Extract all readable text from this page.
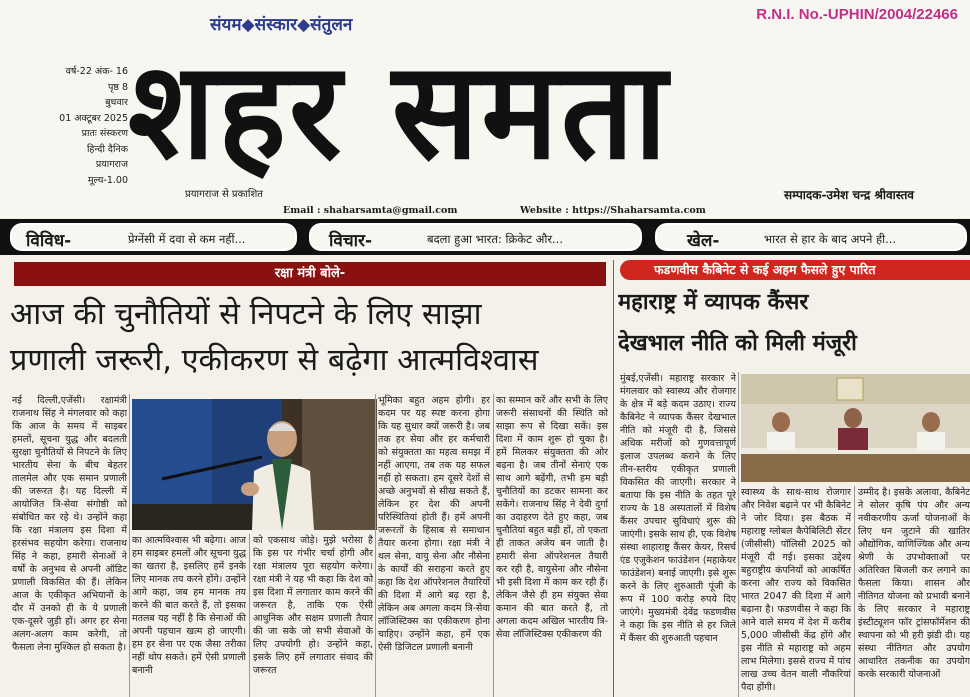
संयम◆संस्कार◆संतुलन
R.N.I. No.-UPHIN/2004/22466
वर्ष-22 अंक- 16
पृष्ठ 8
बुधवार
01 अक्टूबर 2025
प्रातः संस्करण
हिन्दी दैनिक
प्रयागराज
मूल्य-1.00 शहर समता
प्रयागराज से प्रकाशित	सम्पादक-उमेश चन्द्र श्रीवास्तव
Email : shaharsamta@gmail.com	Website : https://Shaharsamta.com
विविध-	प्रेग्नेंसी में दवा से कम नहीं...	विचार-	बदला हुआ भारत: क्रिकेट और...	खेल-	भारत से हार के बाद अपने ही...
रक्षा मंत्री बोले-
आज की चुनौतियों से निपटने के लिए साझा
प्रणाली जरूरी, एकीकरण से बढ़ेगा आत्मविश्वास
नई दिल्ली,एजेंसी। रक्षामंत्री राजनाथ सिंह ने मंगलवार को कहा कि आज के समय में साइबर हमलों, सूचना युद्ध और बदलती सुरक्षा चुनौतियों से निपटने के लिए भारतीय सेना के बीच बेहतर तालमेल और एक समान प्रणाली की जरूरत है। यह दिल्ली में आयोजित त्रि-सेवा संगोष्ठी को संबोधित कर रहे थे। उन्होंने कहा कि रक्षा मंत्रालय इस दिशा में हरसंभव सहयोग करेगा। राजनाथ सिंह ने कहा, हमारी सेनाओं ने वर्षों के अनुभव से अपनी ऑडिट प्रणाली विकसित की हैं। लेकिन आज के एकीकृत अभियानों के दौर में उनको ही के ये प्रणाली एक-दूसरे जुड़ी हों। अगर हर सेना अलग-अलग काम करेगी, तो फैसला लेना मुश्किल हो सकता है।
का आत्मविश्वास भी बढ़ेगा। आज हम साइबर हमलों और सूचना युद्ध का खतरा है, इसलिए हमें इनके लिए मानक तय करने होंगे। उन्होंने आगे कहा, जब हम मानक तय करने की बात करते हैं, तो इसका मतलब यह नहीं है कि सेनाओं की अपनी पहचान खत्म हो जाएगी। हम हर सेना पर एक जैसा तरीका नहीं थोप सकते। हमें ऐसी प्रणाली बनानी
को एकसाथ जोड़े। मुझे भरोसा है कि इस पर गंभीर चर्चा होगी और रक्षा मंत्रालय पूरा सहयोग करेगा। रक्षा मंत्री ने यह भी कहा कि देश को इस दिशा में लगातार काम करने की जरूरत है, ताकि एक ऐसी आधुनिक और सक्षम प्रणाली तैयार की जा सके जो सभी सेवाओं के लिए उपयोगी हो। उन्होंने कहा, इसके लिए हमें लगातार संवाद की जरूरत
भूमिका बहुत अहम होगी। हर कदम पर यह स्पष्ट करना होगा कि यह सुधार क्यों जरूरी है। जब तक हर सेवा और हर कर्मचारी को संयुक्तता का महत्व समझ में नहीं आएगा, तब तक यह सफल नहीं हो सकता। हम दूसरे देशों से अच्छे अनुभवों से सीख सकते हैं, लेकिन हर देश की अपनी परिस्थितियां होती हैं। हमें अपनी जरूरतों के हिसाब से समाधान तैयार करना होगा। रक्षा मंत्री ने थल सेना, वायु सेना और नौसेना के कार्यों की सराहना करते हुए कहा कि देश ऑपरेशनल तैयारियों की दिशा में आगे बढ़ रहा है, लेकिन अब अगला कदम त्रि-सेवा लॉजिस्टिक्स का एकीकरण होना चाहिए। उन्होंने कहा, हमें एक ऐसी डिजिटल प्रणाली बनानी
का सम्मान करें और सभी के लिए जरूरी संसाधनों की स्थिति को साझा रूप से दिखा सकें। इस दिशा में काम शुरू हो चुका है। हमें मिलकर संयुक्तता की ओर बढ़ना है। जब तीनों सेनाएं एक साथ आगे बढ़ेंगी, तभी हम बड़ी चुनौतियों का डटकर सामना कर सकेंगे। राजनाथ सिंह ने देवी दुर्गा का उदाहरण देते हुए कहा, जब चुनौतियां बहुत बड़ी हों, तो एकता ही ताकत अजेय बन जाती है। हमारी सेना ऑपरेशनल तैयारी कर रही है, वायुसेना और नौसेना भी इसी दिशा में काम कर रही हैं। लेकिन जैसे ही हम संयुक्त सेवा कमान की बात करते हैं, तो अगला कदम अखिल भारतीय त्रि-सेवा लॉजिस्टिक्स एकीकरण की
फडणवीस कैबिनेट से कई अहम फैसले हुए पारित
महाराष्ट्र में व्यापक कैंसर
देखभाल नीति को मिली मंजूरी
मुंबई,एजेंसी। महाराष्ट्र सरकार ने मंगलवार को स्वास्थ्य और रोजगार के क्षेत्र में बड़े कदम उठाए। राज्य कैबिनेट ने व्यापक कैंसर देखभाल नीति को मंजूरी दी है, जिससे अधिक मरीजों को गुणवत्तापूर्ण इलाज उपलब्ध कराने के लिए तीन-स्तरीय एकीकृत प्रणाली विकसित की जाएगी। सरकार ने बताया कि इस नीति के तहत पूरे राज्य के 18 अस्पतालों में विशेष कैंसर उपचार सुविधाएं शुरू की जाएंगी। इसके साथ ही, एक विशेष संस्था शाहाराष्ट्र कैंसर केयर, रिसर्च एंड एजुकेशन फाउंडेशन (महाकेयर फाउंडेशन) बनाई जाएगी। इसे शुरू करने के लिए शुरुआती पूंजी के रूप में 100 करोड़ रुपये दिए जाएंगे। मुख्यमंत्री देवेंद्र फडणवीस ने कहा कि इस नीति से हर जिले में कैंसर की शुरुआती पहचान
स्वास्थ्य के साथ-साथ रोजगार और निवेश बढ़ाने पर भी कैबिनेट ने जोर दिया। इस बैठक में महाराष्ट्र ग्लोबल कैपेबिलिटी सेंटर (जीसीसी) पॉलिसी 2025 को मंजूरी दी गई। इसका उद्देश्य बहुराष्ट्रीय कंपनियों को आकर्षित करना और राज्य को विकसित भारत 2047 की दिशा में आगे बढ़ाना है। फडणवीस ने कहा कि आने वाले समय में देश में करीब 5,000 जीसीसी केंद्र होंगे और इस नीति से महाराष्ट्र को अहम लाभ मिलेगा। इससे राज्य में पांच लाख उच्च वेतन वाली नौकरियां पैदा होंगी।
उम्मीद है। इसके अलावा, कैबिनेट ने सोलर कृषि पंप और अन्य नवीकरणीय ऊर्जा योजनाओं के लिए धन जुटाने की खातिर औद्योगिक, वाणिज्यिक और अन्य श्रेणी के उपभोक्ताओं पर अतिरिक्त बिजली कर लगाने का फैसला किया। शासन और नीतिगत योजना को प्रभावी बनाने के लिए सरकार ने महाराष्ट्र इंस्टीट्यूशन फॉर ट्रांसफॉर्मेशन की स्थापना को भी हरी झंडी दी। यह संस्था नीतिगत और उपयोग आधारित तकनीक का उपयोग करके सरकारी योजनाओं
